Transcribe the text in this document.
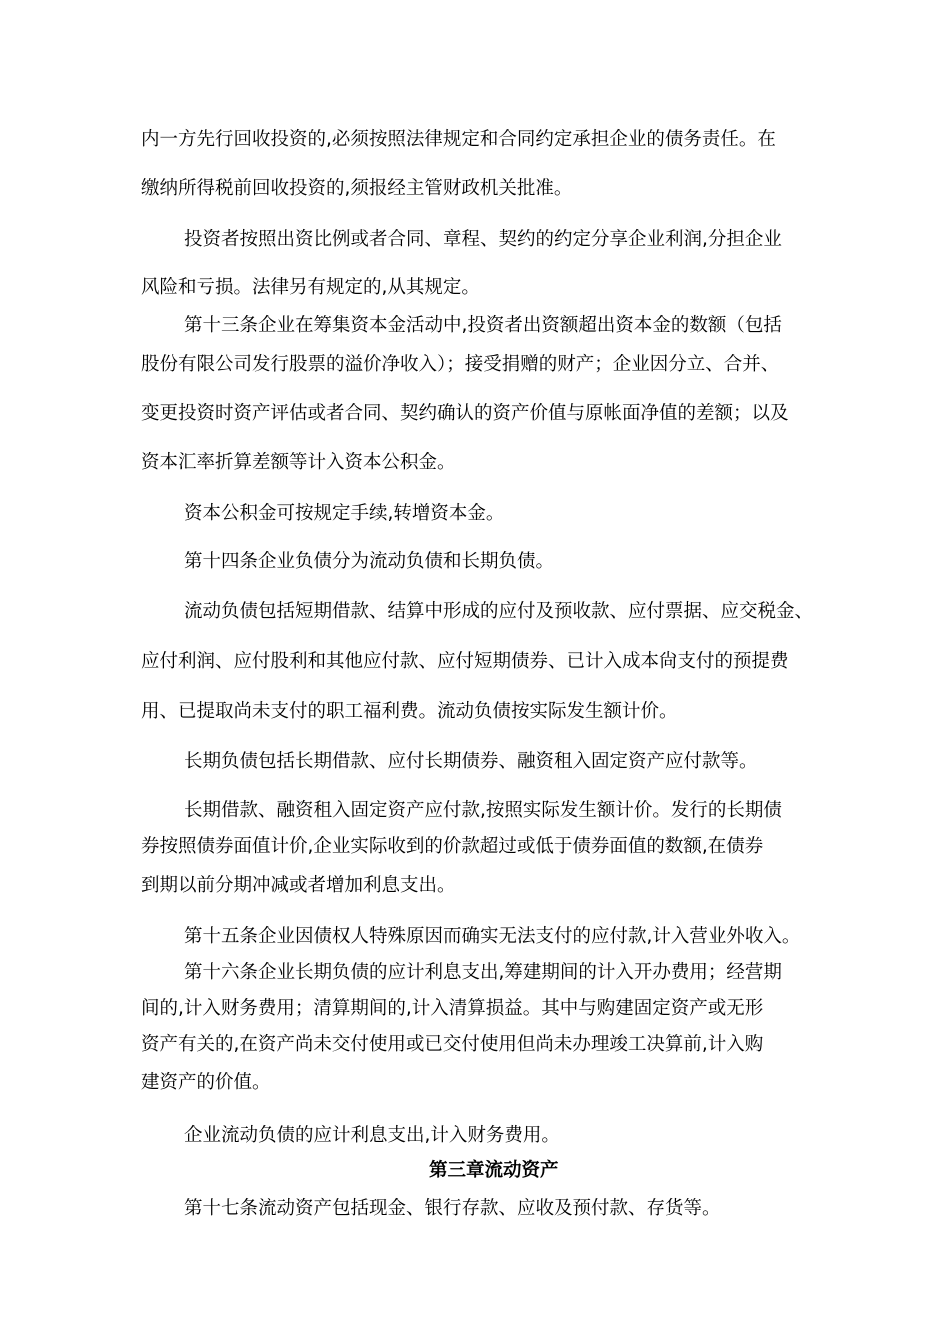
内一方先行回收投资的,必须按照法律规定和合同约定承担企业的债务责任。在
缴纳所得税前回收投资的,须报经主管财政机关批准。
投资者按照出资比例或者合同、章程、契约的约定分享企业利润,分担企业
风险和亏损。法律另有规定的,从其规定。
第十三条企业在筹集资本金活动中,投资者出资额超出资本金的数额（包括
股份有限公司发行股票的溢价净收入）；接受捐赠的财产；企业因分立、合并、
变更投资时资产评估或者合同、契约确认的资产价值与原帐面净值的差额；以及
资本汇率折算差额等计入资本公积金。
资本公积金可按规定手续,转增资本金。
第十四条企业负债分为流动负债和长期负债。
流动负债包括短期借款、结算中形成的应付及预收款、应付票据、应交税金、
应付利润、应付股利和其他应付款、应付短期债券、已计入成本尙支付的预提费
用、已提取尚未支付的职工福利费。流动负债按实际发生额计价。
长期负债包括长期借款、应付长期债券、融资租入固定资产应付款等。
长期借款、融资租入固定资产应付款,按照实际发生额计价。发行的长期债
券按照债券面值计价,企业实际收到的价款超过或低于债券面值的数额,在债券
到期以前分期冲减或者增加利息支出。
第十五条企业因债权人特殊原因而确实无法支付的应付款,计入营业外收入。
第十六条企业长期负债的应计利息支出,筹建期间的计入开办费用；经营期
间的,计入财务费用；清算期间的,计入清算损益。其中与购建固定资产或无形
资产有关的,在资产尚未交付使用或已交付使用但尚未办理竣工决算前,计入购
建资产的价值。
企业流动负债的应计利息支出,计入财务费用。
第三章流动资产
第十七条流动资产包括现金、银行存款、应收及预付款、存货等。
